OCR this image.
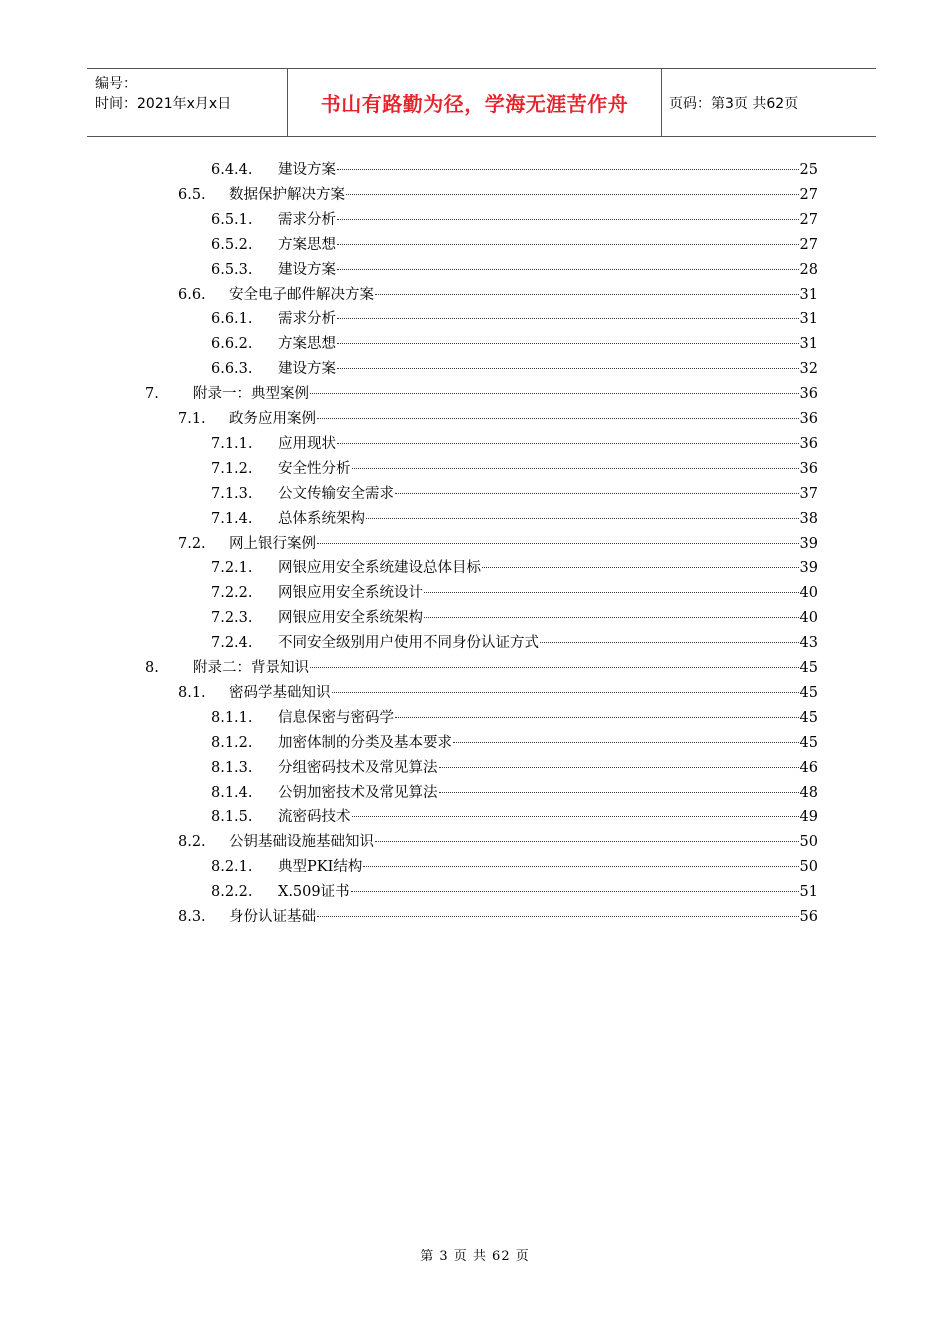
编号：
时间：2021年x月x日	书山有路勤为径，学海无涯苦作舟	页码：第3页 共62页
6.4.4. 建设方案	25
6.5. 数据保护解决方案	27
6.5.1. 需求分析	27
6.5.2. 方案思想	27
6.5.3. 建设方案	28
6.6. 安全电子邮件解决方案	31
6.6.1. 需求分析	31
6.6.2. 方案思想	31
6.6.3. 建设方案	32
7. 附录一：典型案例	36
7.1. 政务应用案例	36
7.1.1. 应用现状	36
7.1.2. 安全性分析	36
7.1.3. 公文传输安全需求	37
7.1.4. 总体系统架构	38
7.2. 网上银行案例	39
7.2.1. 网银应用安全系统建设总体目标	39
7.2.2. 网银应用安全系统设计	40
7.2.3. 网银应用安全系统架构	40
7.2.4. 不同安全级别用户使用不同身份认证方式	43
8. 附录二：背景知识	45
8.1. 密码学基础知识	45
8.1.1. 信息保密与密码学	45
8.1.2. 加密体制的分类及基本要求	45
8.1.3. 分组密码技术及常见算法	46
8.1.4. 公钥加密技术及常见算法	48
8.1.5. 流密码技术	49
8.2. 公钥基础设施基础知识	50
8.2.1. 典型PKI结构	50
8.2.2. X.509证书	51
8.3. 身份认证基础	56
第 3 页 共 62 页
